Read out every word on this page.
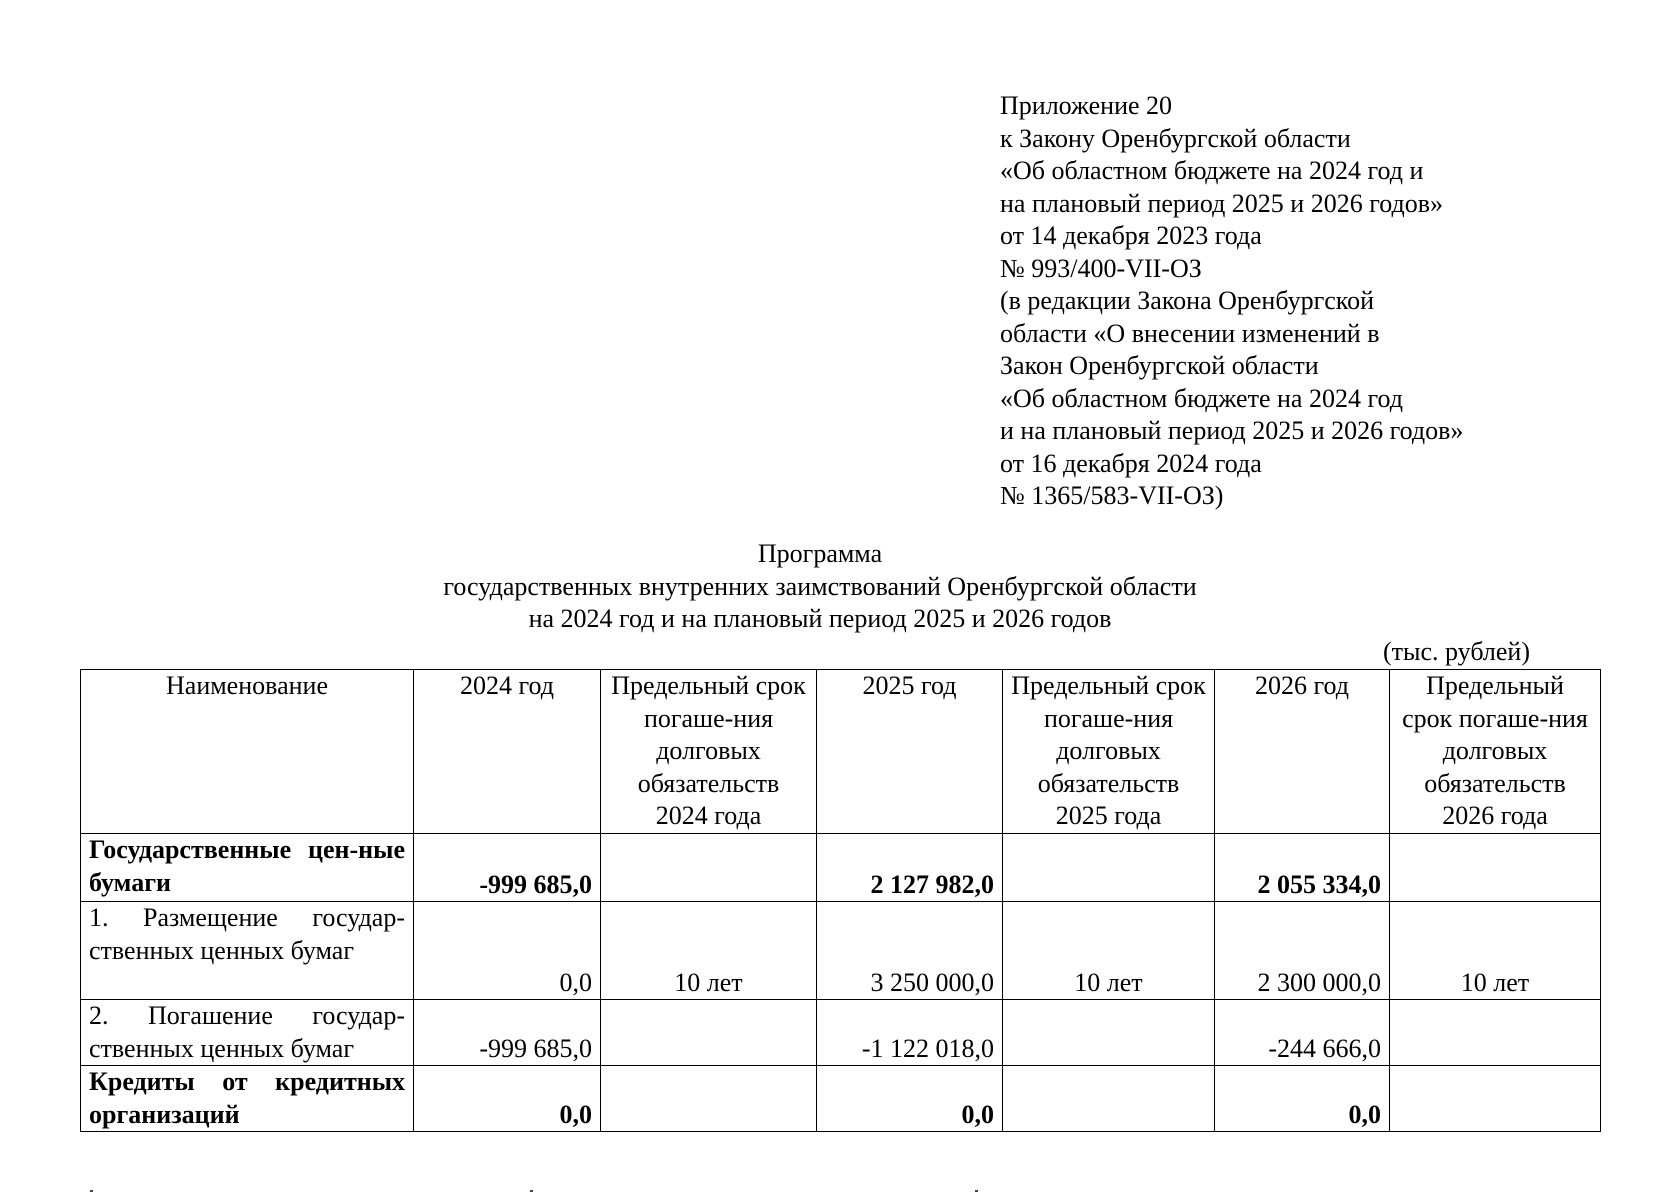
Приложение 20
к Закону Оренбургской области
«Об областном бюджете на 2024 год и
на плановый период 2025 и 2026 годов»
от 14 декабря 2023 года
№ 993/400-VII-ОЗ
(в редакции Закона Оренбургской
области «О внесении изменений в
Закон Оренбургской области
«Об областном бюджете на 2024 год
и на плановый период 2025 и 2026 годов»
от 16 декабря 2024 года
№ 1365/583-VII-ОЗ)
Программа
государственных внутренних заимствований Оренбургской области
на 2024 год и на плановый период 2025 и 2026 годов
(тыс. рублей)
Наименование	2024 год	Предельный срок погаше-ния долговых обязательств 2024 года	2025 год	Предельный срок погаше-ния долговых обязательств 2025 года	2026 год	Предельный срок погаше-ния долговых обязательств 2026 года
Государственные цен-ные бумаги	-999 685,0		2 127 982,0		2 055 334,0	
1. Размещение государ-ственных ценных бумаг	0,0	10 лет	3 250 000,0	10 лет	2 300 000,0	10 лет
2. Погашение государ-ственных ценных бумаг	-999 685,0		-1 122 018,0		-244 666,0	
Кредиты от кредитных организаций	0,0		0,0		0,0	
